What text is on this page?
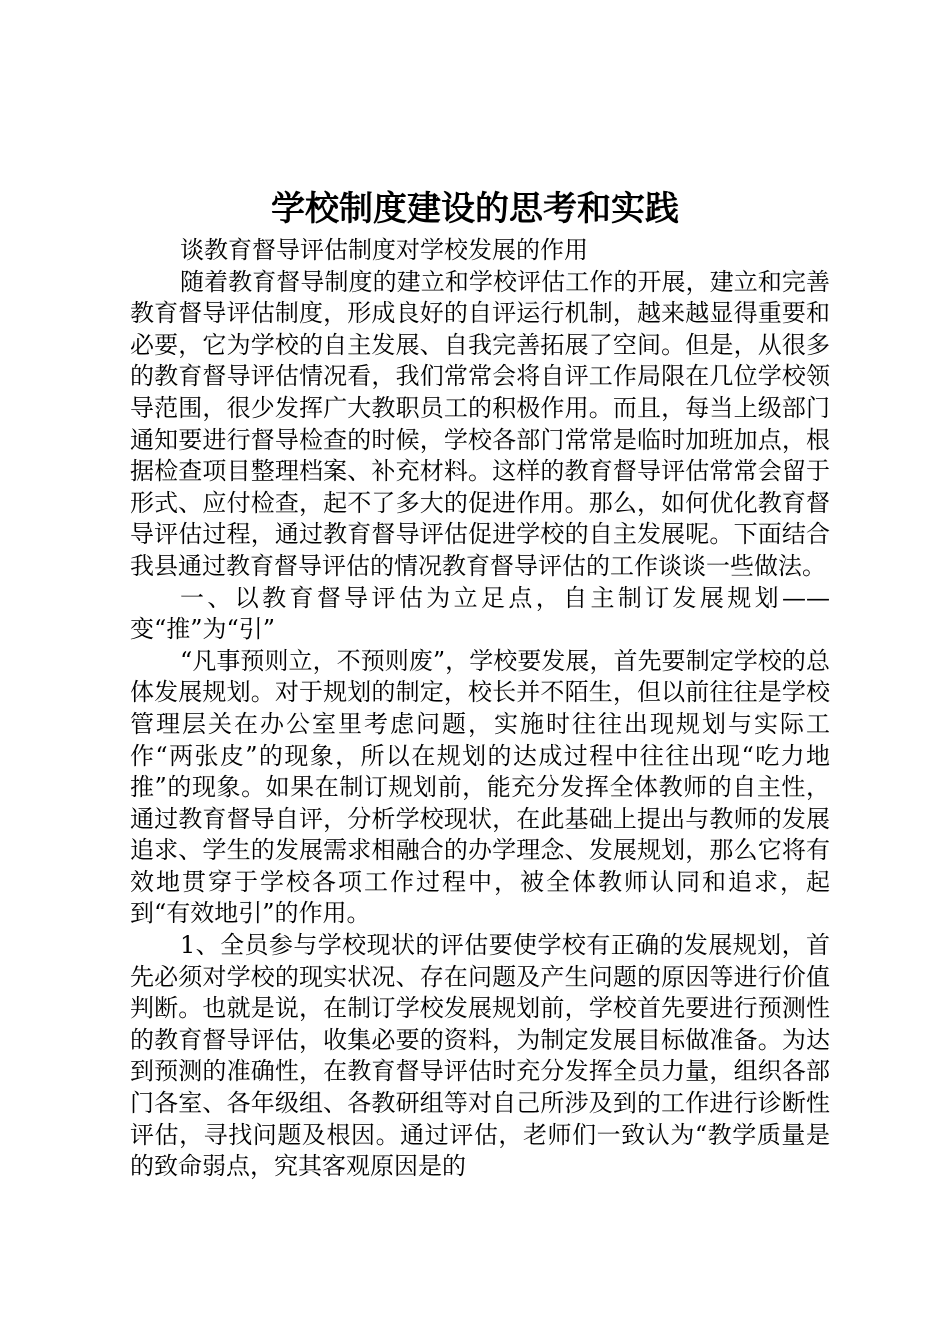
学校制度建设的思考和实践

谈教育督导评估制度对学校发展的作用

随着教育督导制度的建立和学校评估工作的开展，建立和完善教育督导评估制度，形成良好的自评运行机制，越来越显得重要和必要，它为学校的自主发展、自我完善拓展了空间。但是，从很多的教育督导评估情况看，我们常常会将自评工作局限在几位学校领导范围，很少发挥广大教职员工的积极作用。而且，每当上级部门通知要进行督导检查的时候，学校各部门常常是临时加班加点，根据检查项目整理档案、补充材料。这样的教育督导评估常常会留于形式、应付检查，起不了多大的促进作用。那么，如何优化教育督导评估过程，通过教育督导评估促进学校的自主发展呢。下面结合我县通过教育督导评估的情况教育督导评估的工作谈谈一些做法。

一、以教育督导评估为立足点，自主制订发展规划——变“推”为“引”

“凡事预则立，不预则废”，学校要发展，首先要制定学校的总体发展规划。对于规划的制定，校长并不陌生，但以前往往是学校管理层关在办公室里考虑问题，实施时往往出现规划与实际工作“两张皮”的现象，所以在规划的达成过程中往往出现“吃力地推”的现象。如果在制订规划前，能充分发挥全体教师的自主性，通过教育督导自评，分析学校现状，在此基础上提出与教师的发展追求、学生的发展需求相融合的办学理念、发展规划，那么它将有效地贯穿于学校各项工作过程中，被全体教师认同和追求，起到“有效地引”的作用。

1、全员参与学校现状的评估要使学校有正确的发展规划，首先必须对学校的现实状况、存在问题及产生问题的原因等进行价值判断。也就是说，在制订学校发展规划前，学校首先要进行预测性的教育督导评估，收集必要的资料，为制定发展目标做准备。为达到预测的准确性，在教育督导评估时充分发挥全员力量，组织各部门各室、各年级组、各教研组等对自己所涉及到的工作进行诊断性评估，寻找问题及根因。通过评估，老师们一致认为“教学质量是的致命弱点，究其客观原因是的
